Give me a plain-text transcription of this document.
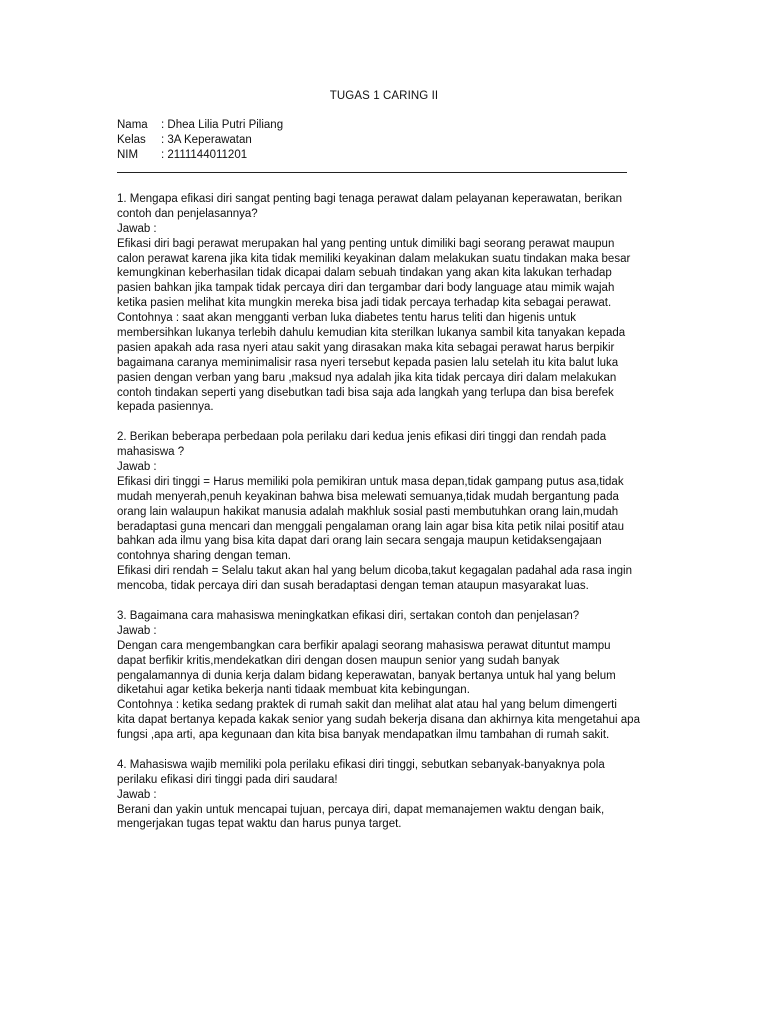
TUGAS 1 CARING II
Nama	: Dhea Lilia Putri Piliang
Kelas	: 3A Keperawatan
NIM	: 2111144011201
1. Mengapa efikasi diri sangat penting bagi tenaga perawat dalam pelayanan keperawatan, berikan
contoh dan penjelasannya?
Jawab :
Efikasi diri bagi perawat merupakan hal yang penting untuk dimiliki bagi seorang perawat maupun
calon perawat karena jika kita tidak memiliki keyakinan dalam melakukan suatu tindakan maka besar
kemungkinan keberhasilan tidak dicapai dalam sebuah tindakan yang akan kita lakukan terhadap
pasien bahkan jika tampak tidak percaya diri dan tergambar dari body language atau mimik wajah
ketika pasien melihat kita mungkin mereka bisa jadi tidak percaya terhadap kita sebagai perawat.
Contohnya : saat akan mengganti verban luka diabetes tentu harus teliti dan higenis untuk
membersihkan lukanya terlebih dahulu kemudian kita sterilkan lukanya sambil kita tanyakan kepada
pasien apakah ada rasa nyeri atau sakit yang dirasakan maka kita sebagai perawat harus berpikir
bagaimana caranya meminimalisir rasa nyeri tersebut kepada pasien lalu setelah itu kita balut luka
pasien dengan verban yang baru ,maksud nya adalah jika kita tidak percaya diri dalam melakukan
contoh tindakan seperti yang disebutkan tadi bisa saja ada langkah yang terlupa dan bisa berefek
kepada pasiennya.
2. Berikan beberapa perbedaan pola perilaku dari kedua jenis efikasi diri tinggi dan rendah pada
mahasiswa ?
Jawab :
Efikasi diri tinggi = Harus memiliki pola pemikiran untuk masa depan,tidak gampang putus asa,tidak
mudah menyerah,penuh keyakinan bahwa bisa melewati semuanya,tidak mudah bergantung pada
orang lain walaupun hakikat manusia adalah makhluk sosial pasti membutuhkan orang lain,mudah
beradaptasi guna mencari dan menggali pengalaman orang lain agar bisa kita petik nilai positif atau
bahkan ada ilmu yang bisa kita dapat dari orang lain secara sengaja maupun ketidaksengajaan
contohnya sharing dengan teman.
Efikasi diri rendah = Selalu takut akan hal yang belum dicoba,takut kegagalan padahal ada rasa ingin
mencoba, tidak percaya diri dan susah beradaptasi dengan teman ataupun masyarakat luas.
3. Bagaimana cara mahasiswa meningkatkan efikasi diri, sertakan contoh dan penjelasan?
Jawab :
Dengan cara mengembangkan cara berfikir apalagi seorang mahasiswa perawat dituntut mampu
dapat berfikir kritis,mendekatkan diri dengan dosen maupun senior yang sudah banyak
pengalamannya di dunia kerja dalam bidang keperawatan, banyak bertanya untuk hal yang belum
diketahui agar ketika bekerja nanti tidaak membuat kita kebingungan.
Contohnya : ketika sedang praktek di rumah sakit dan melihat alat atau hal yang belum dimengerti
kita dapat bertanya kepada kakak senior yang sudah bekerja disana dan akhirnya kita mengetahui apa
fungsi ,apa arti, apa kegunaan dan kita bisa banyak mendapatkan ilmu tambahan di rumah sakit.
4. Mahasiswa wajib memiliki pola perilaku efikasi diri tinggi, sebutkan sebanyak-banyaknya pola
perilaku efikasi diri tinggi pada diri saudara!
Jawab :
Berani dan yakin untuk mencapai tujuan, percaya diri, dapat memanajemen waktu dengan baik,
mengerjakan tugas tepat waktu dan harus punya target.
